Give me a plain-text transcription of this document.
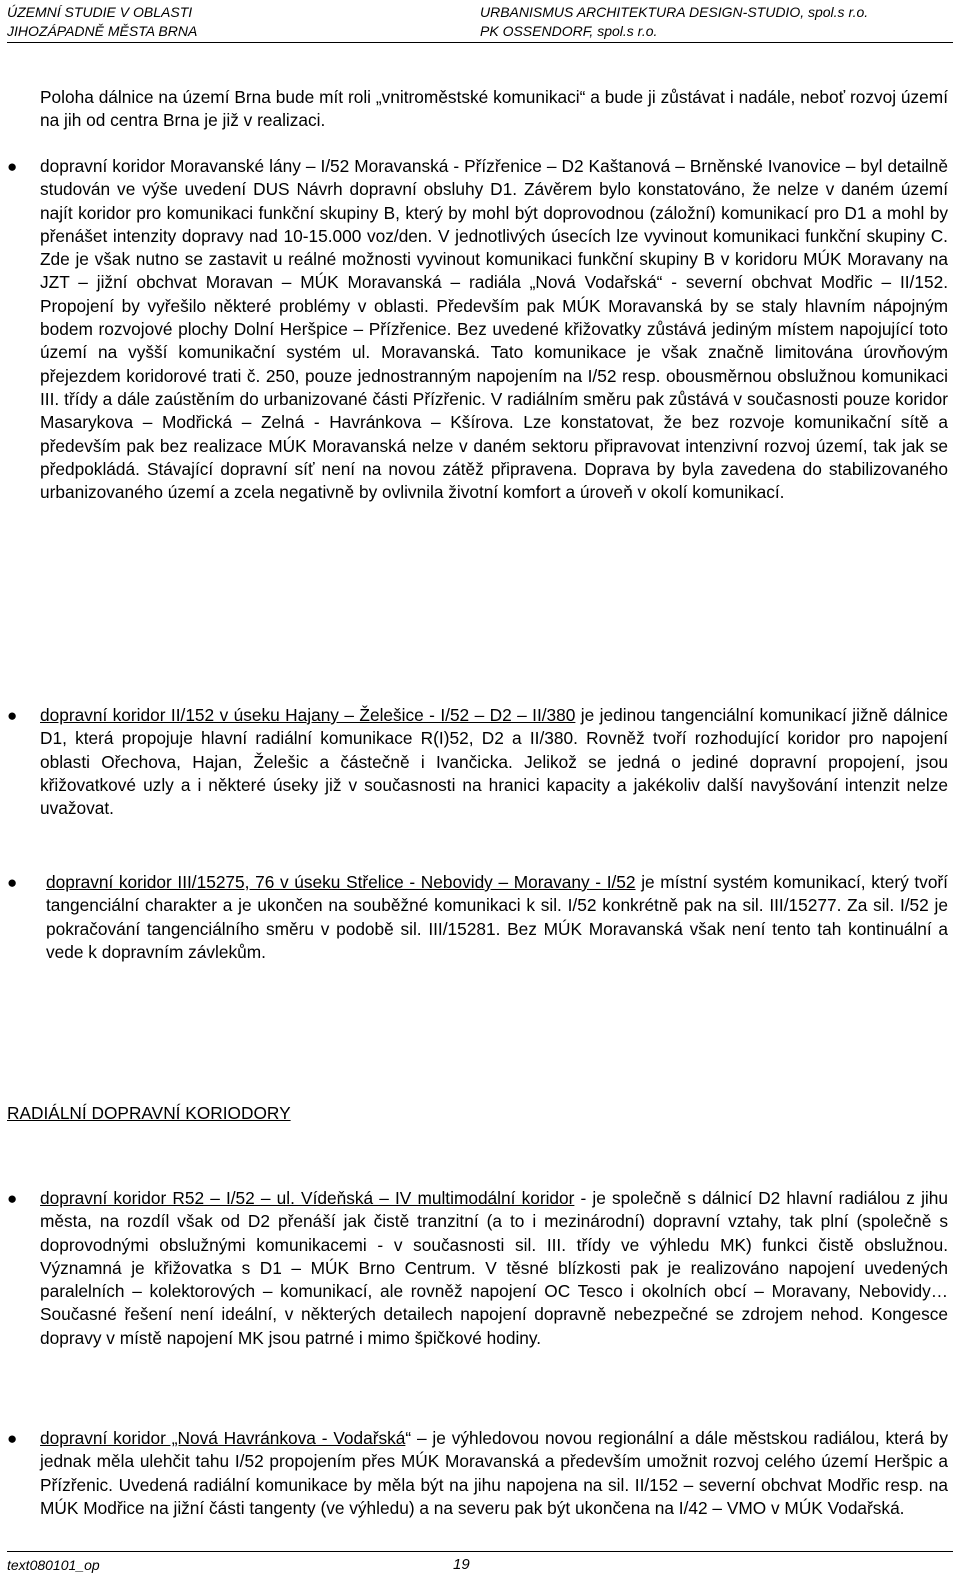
ÚZEMNÍ STUDIE V OBLASTI
JIHOZÁPADNĚ MĚSTA BRNA
URBANISMUS ARCHITEKTURA DESIGN-STUDIO, spol.s r.o.
PK OSSENDORF, spol.s r.o.
Poloha dálnice na území Brna bude mít roli „vnitroměstské komunikaci“ a bude ji zůstávat i nadále, neboť rozvoj území na jih od centra Brna je již v realizaci.
● dopravní koridor Moravanské lány – I/52 Moravanská - Přízřenice – D2 Kaštanová – Brněnské Ivanovice – byl detailně studován ve výše uvedení DUS Návrh dopravní obsluhy D1. Závěrem bylo konstatováno, že nelze v daném území najít koridor pro komunikaci funkční skupiny B, který by mohl být doprovodnou (záložní) komunikací pro D1 a mohl by přenášet intenzity dopravy nad 10-15.000 voz/den. V jednotlivých úsecích lze vyvinout komunikaci funkční skupiny C. Zde je však nutno se zastavit u reálné možnosti vyvinout komunikaci funkční skupiny B v koridoru MÚK Moravany na JZT – jižní obchvat Moravan – MÚK Moravanská – radiála „Nová Vodařská“ - severní obchvat Modřic – II/152. Propojení by vyřešilo některé problémy v oblasti. Především pak MÚK Moravanská by se staly hlavním nápojným bodem rozvojové plochy Dolní Heršpice – Přízřenice. Bez uvedené křižovatky zůstává jediným místem napojující toto území na vyšší komunikační systém ul. Moravanská. Tato komunikace je však značně limitována úrovňovým přejezdem koridorové trati č. 250, pouze jednostranným napojením na I/52 resp. obousměrnou obslužnou komunikaci III. třídy a dále zaústěním do urbanizované části Přízřenic. V radiálním směru pak zůstává v současnosti pouze koridor Masarykova – Modřická – Zelná - Havránkova – Kšírova. Lze konstatovat, že bez rozvoje komunikační sítě a především pak bez realizace MÚK Moravanská nelze v daném sektoru připravovat intenzivní rozvoj území, tak jak se předpokládá. Stávající dopravní síť není na novou zátěž připravena. Doprava by byla zavedena do stabilizovaného urbanizovaného území a zcela negativně by ovlivnila životní komfort a úroveň v okolí komunikací.
● dopravní koridor II/152 v úseku Hajany – Želešice - I/52 – D2 – II/380 je jedinou tangenciální komunikací jižně dálnice D1, která propojuje hlavní radiální komunikace R(I)52, D2 a II/380. Rovněž tvoří rozhodující koridor pro napojení oblasti Ořechova, Hajan, Želešic a částečně i Ivančicka. Jelikož se jedná o jediné dopravní propojení, jsou křižovatkové uzly a i některé úseky již v současnosti na hranici kapacity a jakékoliv další navyšování intenzit nelze uvažovat.
● dopravní koridor III/15275, 76 v úseku Střelice - Nebovidy – Moravany - I/52 je místní systém komunikací, který tvoří tangenciální charakter a je ukončen na souběžné komunikaci k sil. I/52 konkrétně pak na sil. III/15277. Za sil. I/52 je pokračování tangenciálního směru v podobě sil. III/15281. Bez MÚK Moravanská však není tento tah kontinuální a vede k dopravním závlekům.
RADIÁLNÍ DOPRAVNÍ KORIODORY
● dopravní koridor R52 – I/52 – ul. Vídeňská – IV multimodální koridor - je společně s dálnicí D2 hlavní radiálou z jihu města, na rozdíl však od D2 přenáší jak čistě tranzitní (a to i mezinárodní) dopravní vztahy, tak plní (společně s doprovodnými obslužnými komunikacemi - v současnosti sil. III. třídy ve výhledu MK) funkci čistě obslužnou. Významná je křižovatka s D1 – MÚK Brno Centrum. V těsné blízkosti pak je realizováno napojení uvedených paralelních – kolektorových – komunikací, ale rovněž napojení OC Tesco i okolních obcí – Moravany, Nebovidy… Současné řešení není ideální, v některých detailech napojení dopravně nebezpečné se zdrojem nehod. Kongesce dopravy v místě napojení MK jsou patrné i mimo špičkové hodiny.
● dopravní koridor „Nová Havránkova - Vodařská“ – je výhledovou novou regionální a dále městskou radiálou, která by jednak měla ulehčit tahu I/52 propojením přes MÚK Moravanská a především umožnit rozvoj celého území Heršpic a Přízřenic. Uvedená radiální komunikace by měla být na jihu napojena na sil. II/152 – severní obchvat Modřic resp. na MÚK Modřice na jižní části tangenty (ve výhledu) a na severu pak být ukončena na I/42 – VMO v MÚK Vodařská.
text080101_op	19
